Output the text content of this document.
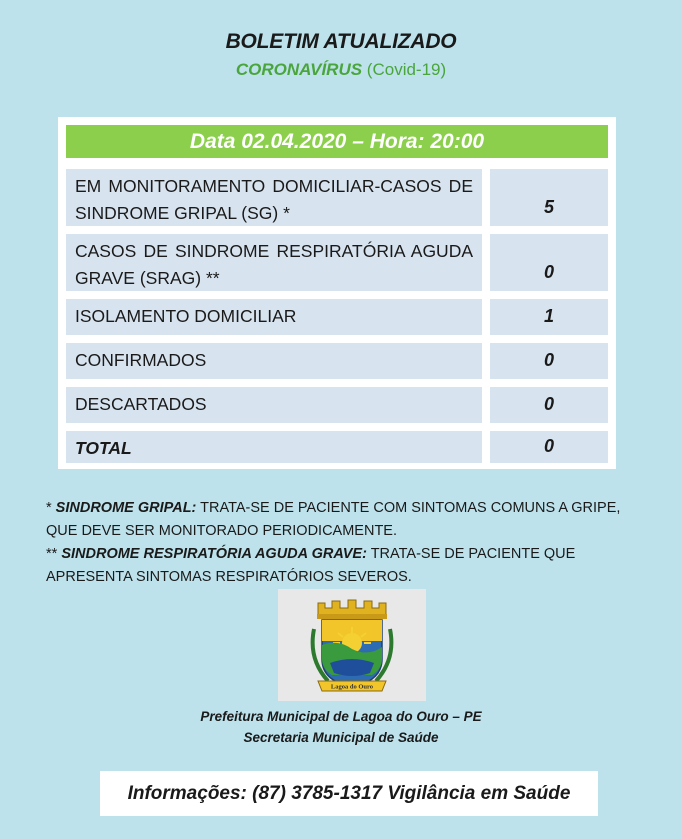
BOLETIM ATUALIZADO
CORONAVÍRUS (Covid-19)
Data 02.04.2020 – Hora: 20:00
EM MONITORAMENTO DOMICILIAR-CASOS DE SINDROME GRIPAL (SG) *	5
CASOS DE SINDROME RESPIRATÓRIA AGUDA GRAVE (SRAG) **	0
ISOLAMENTO DOMICILIAR	1
CONFIRMADOS	0
DESCARTADOS	0
TOTAL	0

* SINDROME GRIPAL: TRATA-SE DE PACIENTE COM SINTOMAS COMUNS A GRIPE, QUE DEVE SER MONITORADO PERIODICAMENTE.

** SINDROME RESPIRATÓRIA AGUDA GRAVE: TRATA-SE DE PACIENTE QUE APRESENTA SINTOMAS RESPIRATÓRIOS SEVEROS.

Lagoa do Ouro
Prefeitura Municipal de Lagoa do Ouro – PE
Secretaria Municipal de Saúde
Informações: (87) 3785-1317 Vigilância em Saúde
